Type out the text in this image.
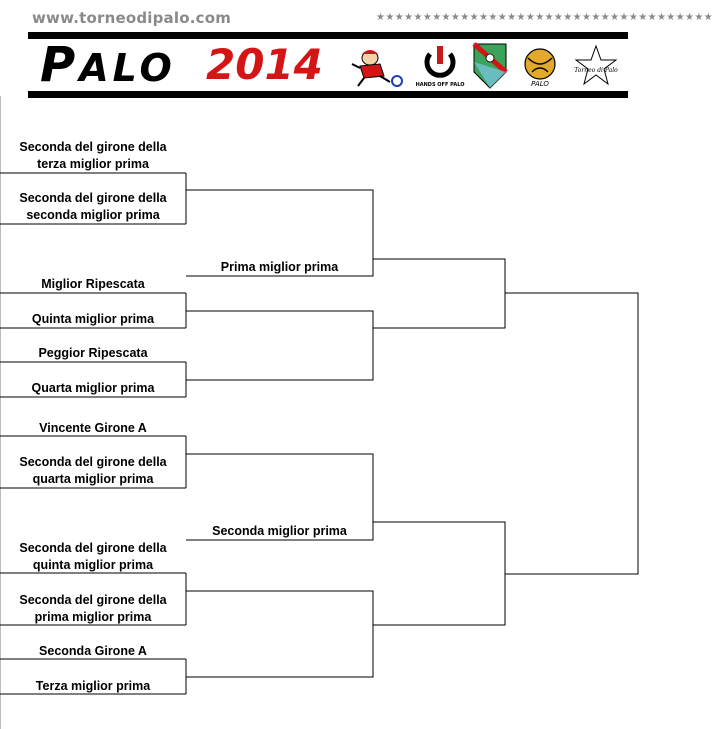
www.torneodipalo.com	★★★★★★★★★★★★★★★★★★★★★★★★★★★★★★★★★★★★
PALO 2014	HANDS OFF PALO	PALO
Torneo di Palo
Seconda del girone della
terza miglior prima
Seconda del girone della
seconda miglior prima
Prima miglior prima
Miglior Ripescata
Quinta miglior prima
Peggior Ripescata
Quarta miglior prima
Vincente Girone A
Seconda del girone della
quarta miglior prima
Seconda miglior prima
Seconda del girone della
quinta miglior prima
Seconda del girone della
prima miglior prima
Seconda Girone A
Terza miglior prima
